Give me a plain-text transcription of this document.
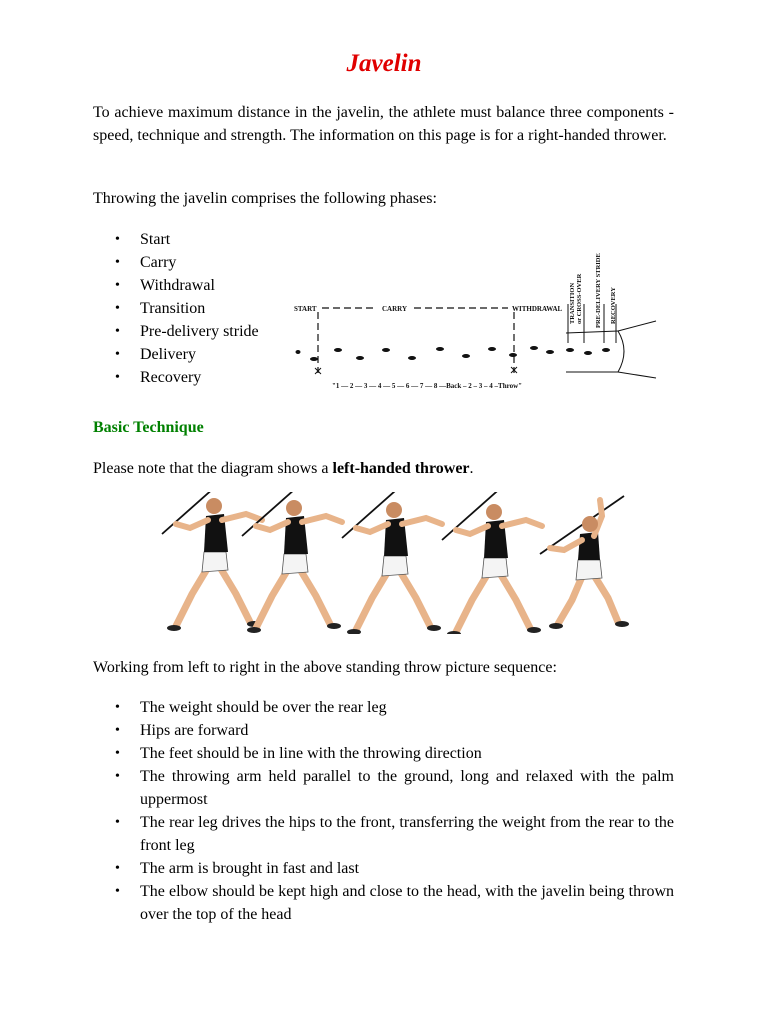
Javelin

To achieve maximum distance in the javelin, the athlete must balance three components - speed, technique and strength. The information on this page is for a right-handed thrower.

Throwing the javelin comprises the following phases:

• Start
• Carry
• Withdrawal
• Transition
• Pre-delivery stride
• Delivery
• Recovery
START	CARRY	WITHDRAWAL TRANSITION or CROSS-OVER PRE-DELIVERY STRIDE RECOVERY
"1 — 2 — 3 — 4 — 5 — 6 — 7 — 8 —Back – 2 – 3 – 4 –Throw"
Basic Technique

Please note that the diagram shows a left-handed thrower.

Working from left to right in the above standing throw picture sequence:

• The weight should be over the rear leg
• Hips are forward
• The feet should be in line with the throwing direction
• The throwing arm held parallel to the ground, long and relaxed with the palm uppermost
• The rear leg drives the hips to the front, transferring the weight from the rear to the front leg
• The arm is brought in fast and last
• The elbow should be kept high and close to the head, with the javelin being thrown over the top of the head
